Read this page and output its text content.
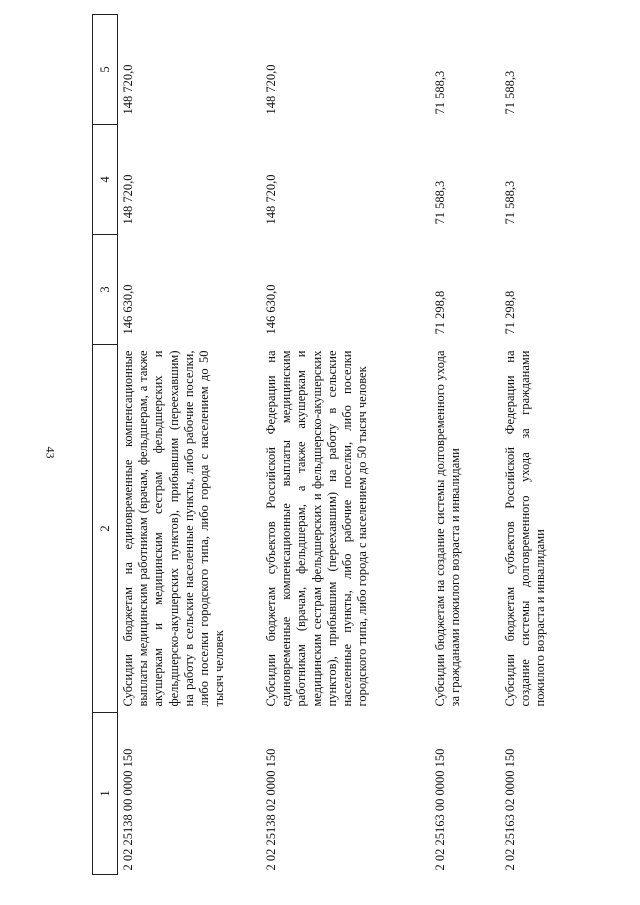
43
1	2	3	4	5
2 02 25138 00 0000 150	Субсидии бюджетам на единовременные компенсационные выплаты медицинским работникам (врачам, фельдшерам, а также акушеркам и медицинским сестрам фельдшерских и фельдшерско-акушерских пунктов), прибывшим (переехавшим) на работу в сельские населенные пункты, либо рабочие поселки, либо поселки городского типа, либо города с населением до 50 тысяч человек	146 630,0	148 720,0	148 720,0
2 02 25138 02 0000 150	Субсидии бюджетам субъектов Российской Федерации на единовременные компенсационные выплаты медицинским работникам (врачам, фельдшерам, а также акушеркам и медицинским сестрам фельдшерских и фельдшерско-акушерских пунктов), прибывшим (переехавшим) на работу в сельские населенные пункты, либо рабочие поселки, либо поселки городского типа, либо города с населением до 50 тысяч человек	146 630,0	148 720,0	148 720,0
2 02 25163 00 0000 150	Субсидии бюджетам на создание системы долговременного ухода за гражданами пожилого возраста и инвалидами	71 298,8	71 588,3	71 588,3
2 02 25163 02 0000 150	Субсидии бюджетам субъектов Российской Федерации на создание системы долговременного ухода за гражданами пожилого возраста и инвалидами	71 298,8	71 588,3	71 588,3
